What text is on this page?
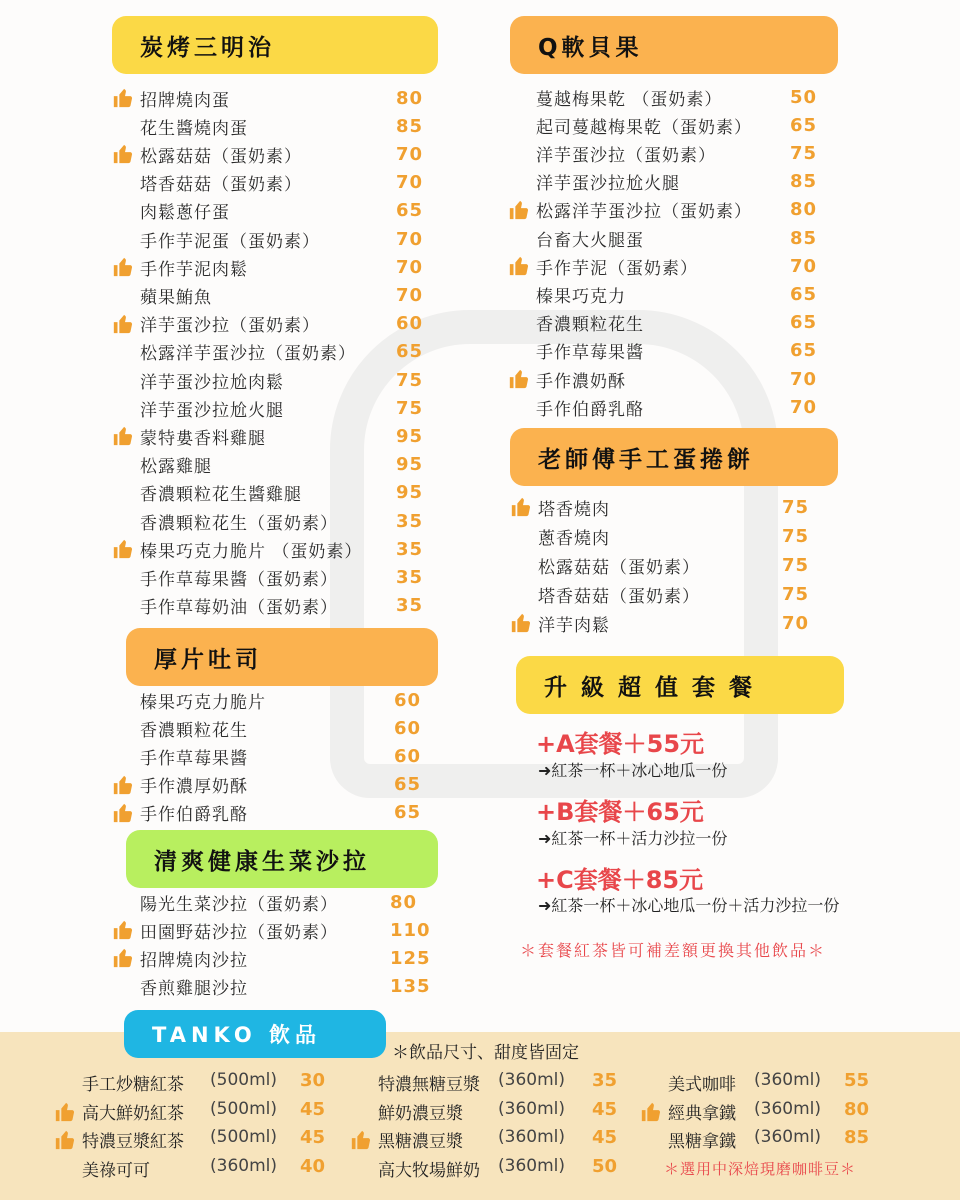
炭烤三明治
招牌燒肉蛋	80
花生醬燒肉蛋	85
松露菇菇（蛋奶素）	70
塔香菇菇（蛋奶素）	70
肉鬆蔥仔蛋	65
手作芋泥蛋（蛋奶素）	70
手作芋泥肉鬆	70
蘋果鮪魚	70
洋芋蛋沙拉（蛋奶素）	60
松露洋芋蛋沙拉（蛋奶素） 65
洋芋蛋沙拉尬肉鬆	75
洋芋蛋沙拉尬火腿	75
蒙特婁香料雞腿	95
松露雞腿	95
香濃顆粒花生醬雞腿	95
香濃顆粒花生（蛋奶素）	35
榛果巧克力脆片 （蛋奶素） 35
手作草莓果醬（蛋奶素）	35
手作草莓奶油（蛋奶素）	35
厚片吐司
榛果巧克力脆片	60
香濃顆粒花生	60
手作草莓果醬	60
手作濃厚奶酥	65
手作伯爵乳酪	65
清爽健康生菜沙拉
陽光生菜沙拉（蛋奶素）	80
田園野菇沙拉（蛋奶素）	110
招牌燒肉沙拉	125
香煎雞腿沙拉	135
Q軟貝果
蔓越梅果乾 （蛋奶素）	50
起司蔓越梅果乾（蛋奶素） 65
洋芋蛋沙拉（蛋奶素）	75
洋芋蛋沙拉尬火腿	85
松露洋芋蛋沙拉（蛋奶素） 80
台畜大火腿蛋	85
手作芋泥（蛋奶素）	70
榛果巧克力	65
香濃顆粒花生	65
手作草莓果醬	65
手作濃奶酥	70
手作伯爵乳酪	70
老師傅手工蛋捲餅
塔香燒肉	75
蔥香燒肉	75
松露菇菇（蛋奶素）	75
塔香菇菇（蛋奶素）	75
洋芋肉鬆	70
升級超值套餐
+A套餐＋55元
➜紅茶一杯＋冰心地瓜一份
+B套餐＋65元
➜紅茶一杯＋活力沙拉一份
+C套餐＋85元
➜紅茶一杯＋冰心地瓜一份＋活力沙拉一份
＊套餐紅茶皆可補差額更換其他飲品＊
TANKO 飲品
＊飲品尺寸、甜度皆固定
手工炒糖紅茶 (500ml) 30
高大鮮奶紅茶 (500ml) 45
特濃豆漿紅茶 (500ml) 45
美祿可可	(360ml) 40
特濃無糖豆漿 (360ml) 35
鮮奶濃豆漿 (360ml) 45
黑糖濃豆漿 (360ml) 45
高大牧場鮮奶 (360ml) 50
美式咖啡 (360ml) 55
經典拿鐵 (360ml) 80
黑糖拿鐵 (360ml) 85
＊選用中深焙現磨咖啡豆＊
